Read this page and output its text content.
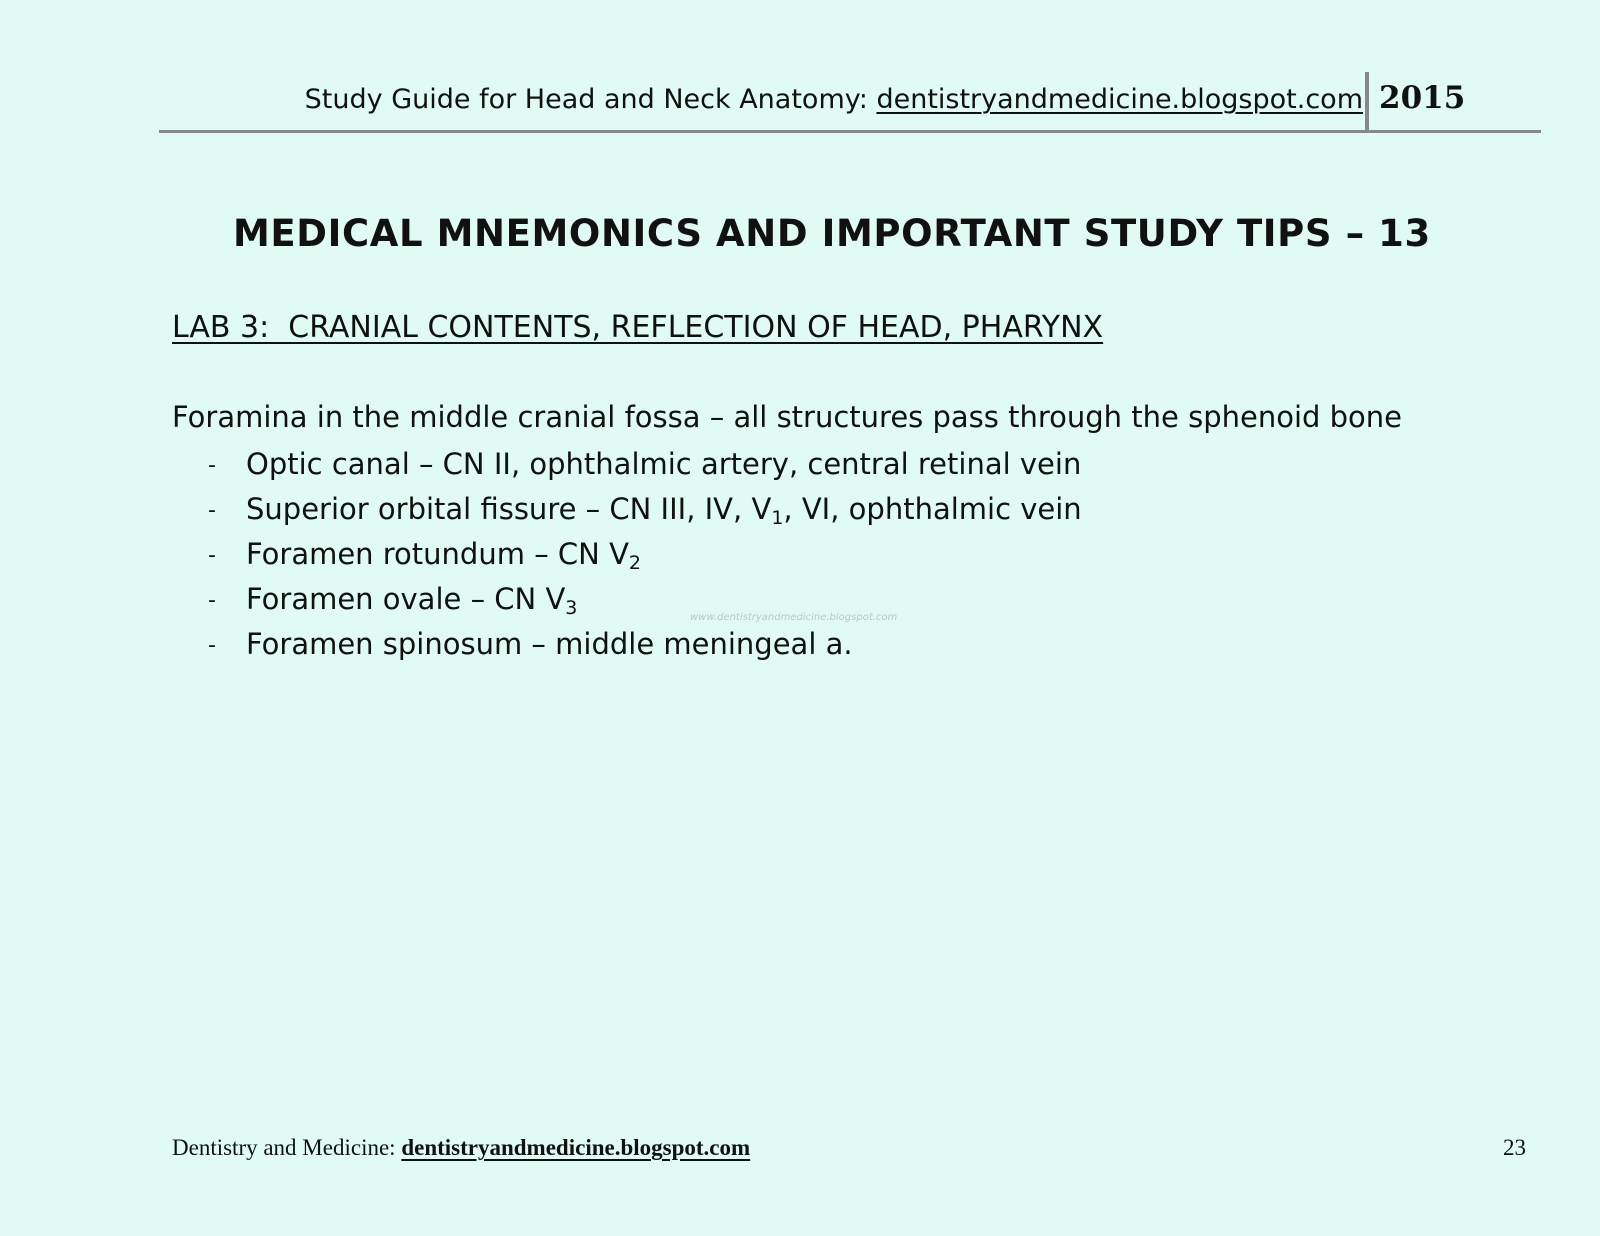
Study Guide for Head and Neck Anatomy: dentistryandmedicine.blogspot.com 2015
MEDICAL MNEMONICS AND IMPORTANT STUDY TIPS – 13
LAB 3:  CRANIAL CONTENTS, REFLECTION OF HEAD, PHARYNX
Foramina in the middle cranial fossa – all structures pass through the sphenoid bone
- Optic canal – CN II, ophthalmic artery, central retinal vein
- Superior orbital fissure – CN III, IV, $V_1$, VI, ophthalmic vein
- Foramen rotundum – CN $V_2$
- Foramen ovale – CN $V_3$
- Foramen spinosum – middle meningeal a.
www.dentistryandmedicine.blogspot.com
Dentistry and Medicine: dentistryandmedicine.blogspot.com	23
